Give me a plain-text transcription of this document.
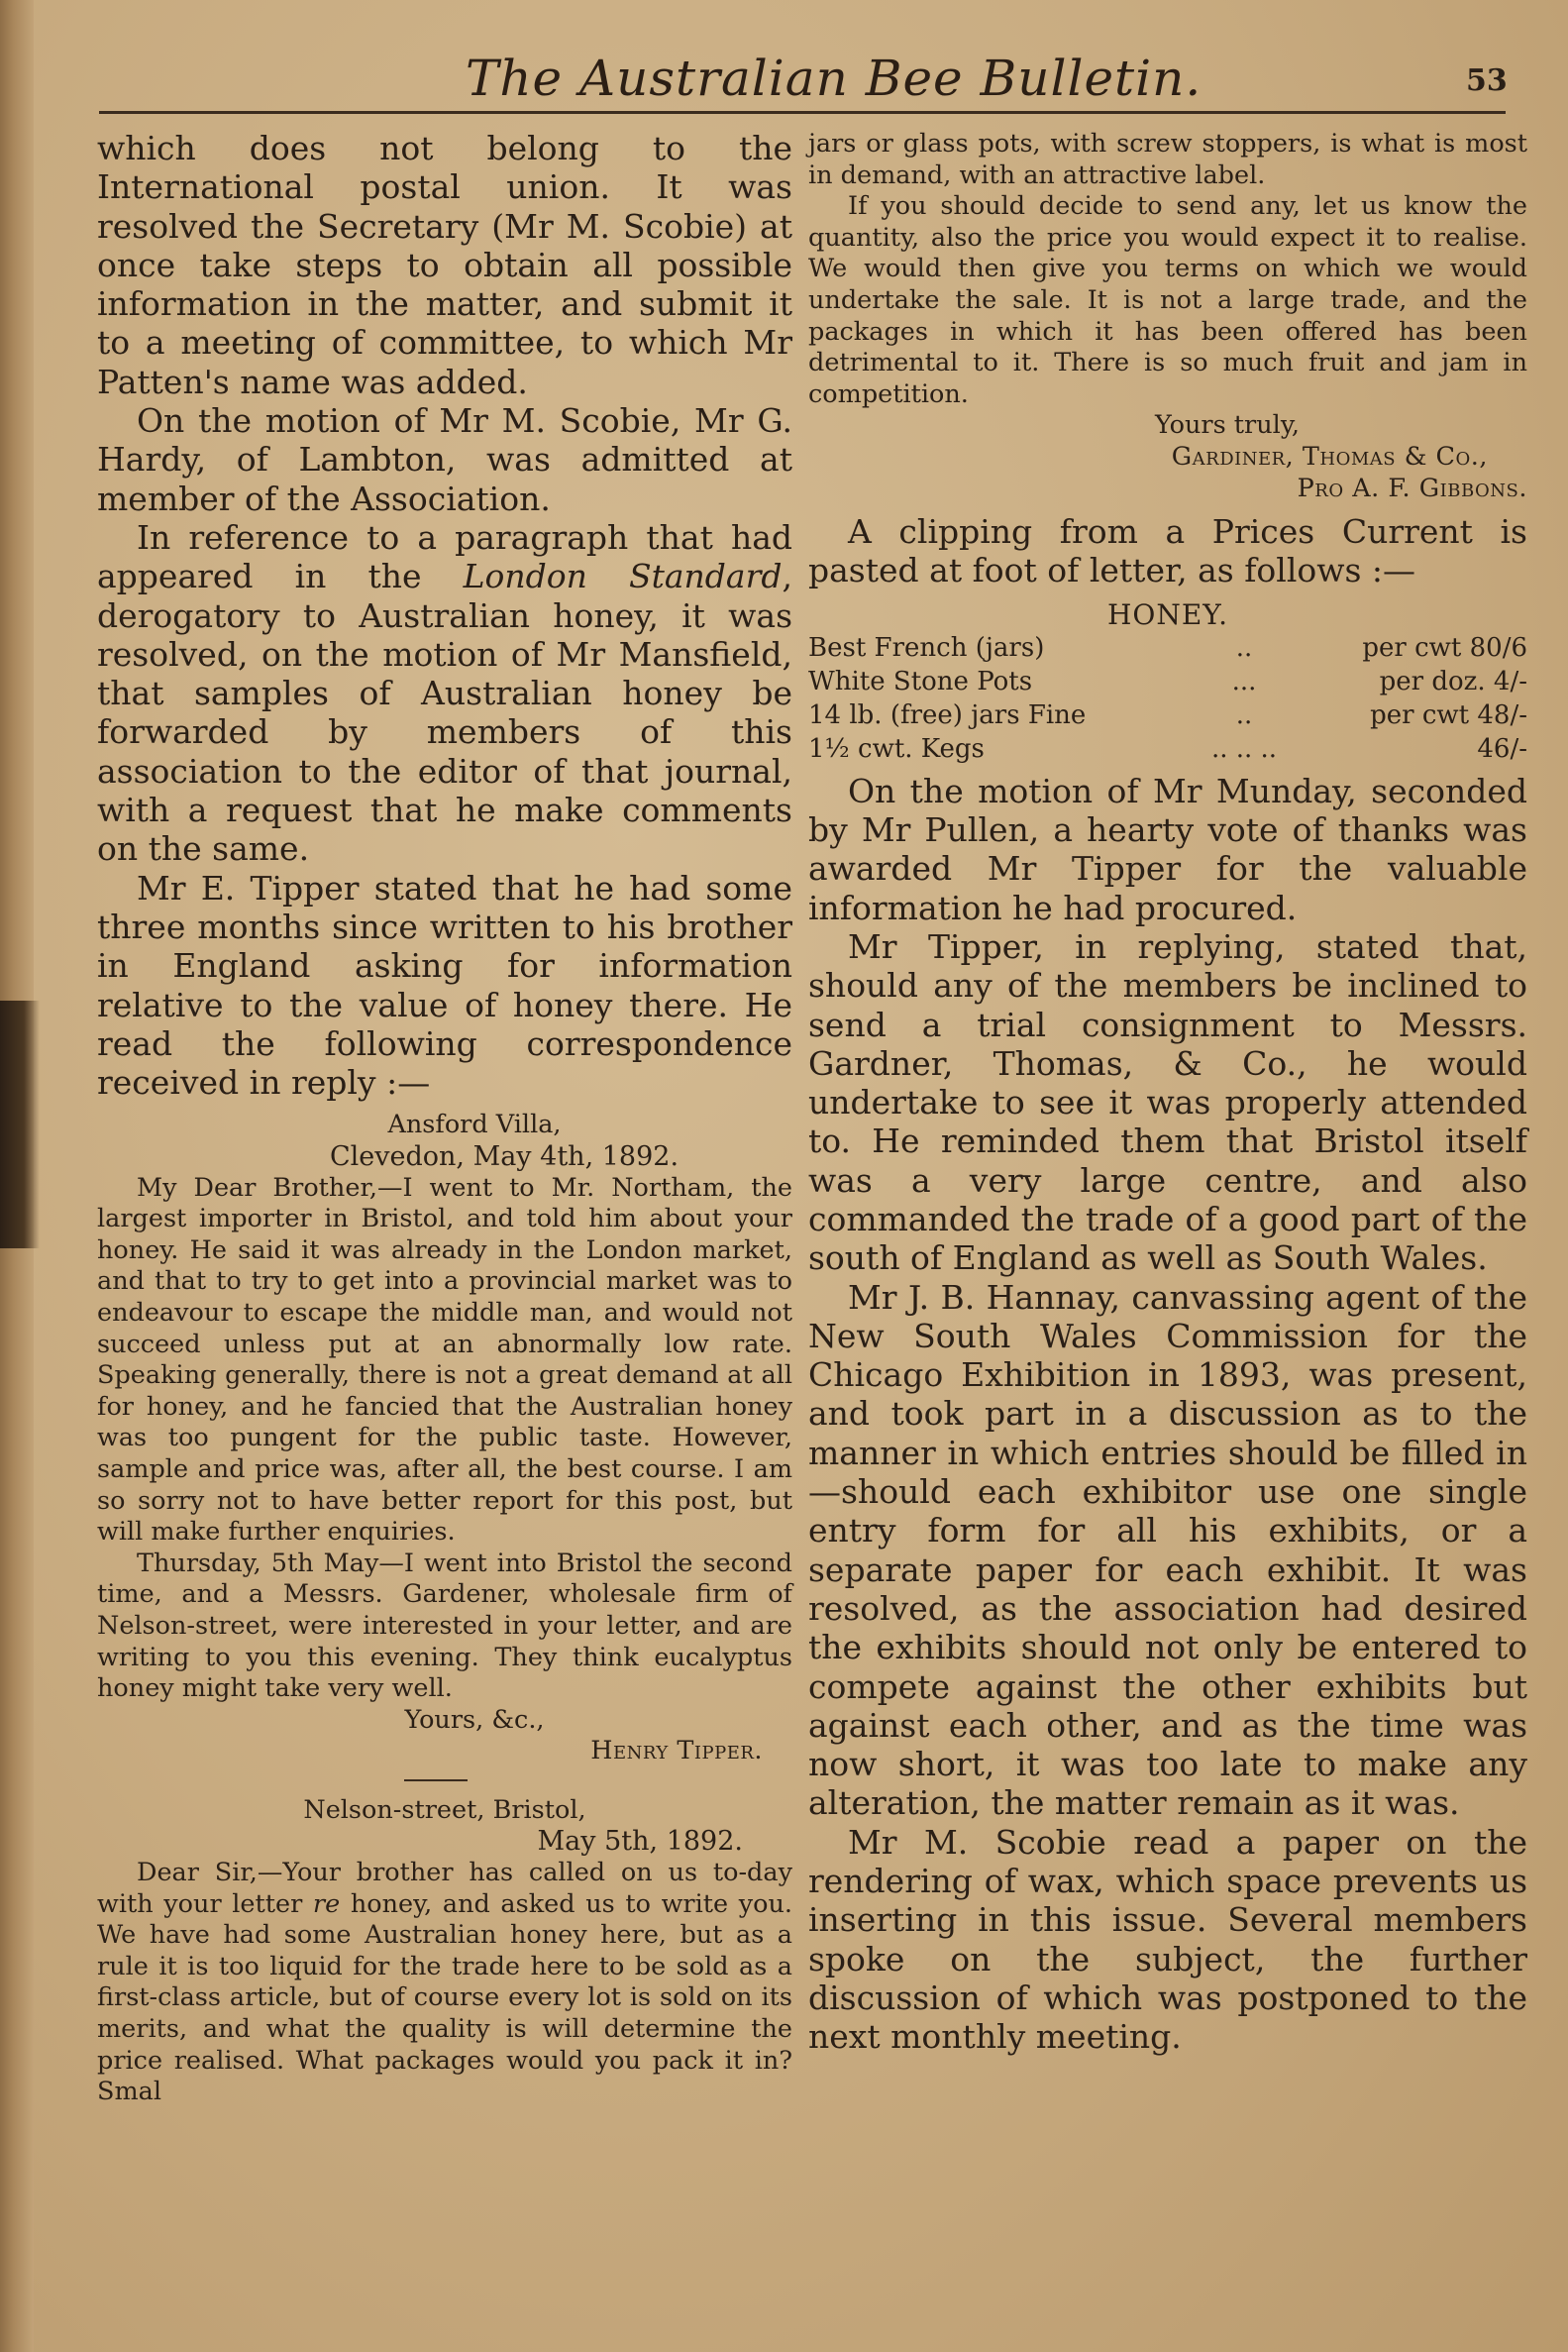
The Australian Bee Bulletin.	53

which does not belong to the International postal union. It was resolved the Secretary (Mr M. Scobie) at once take steps to obtain all possible information in the matter, and submit it to a meeting of committee, to which Mr Patten's name was added.

On the motion of Mr M. Scobie, Mr G. Hardy, of Lambton, was admitted at member of the Association.

In reference to a paragraph that had appeared in the London Standard, derogatory to Australian honey, it was resolved, on the motion of Mr Mansfield, that samples of Australian honey be forwarded by members of this association to the editor of that journal, with a request that he make comments on the same.

Mr E. Tipper stated that he had some three months since written to his brother in England asking for information relative to the value of honey there. He read the following correspondence received in reply :—

Ansford Villa,

Clevedon, May 4th, 1892.

My Dear Brother,—I went to Mr. Northam, the largest importer in Bristol, and told him about your honey. He said it was already in the London market, and that to try to get into a provincial market was to endeavour to escape the middle man, and would not succeed unless put at an abnormally low rate. Speaking generally, there is not a great demand at all for honey, and he fancied that the Australian honey was too pungent for the public taste. However, sample and price was, after all, the best course. I am so sorry not to have better report for this post, but will make further enquiries.

Thursday, 5th May—I went into Bristol the second time, and a Messrs. Gardener, wholesale firm of Nelson-street, were interested in your letter, and are writing to you this evening. They think eucalyptus honey might take very well.

Yours, &c.,

Henry Tipper.

Nelson-street, Bristol,

May 5th, 1892.

Dear Sir,—Your brother has called on us to-day with your letter re honey, and asked us to write you. We have had some Australian honey here, but as a rule it is too liquid for the trade here to be sold as a first-class article, but of course every lot is sold on its merits, and what the quality is will determine the price realised. What packages would you pack it in? Smal

jars or glass pots, with screw stoppers, is what is most in demand, with an attractive label.

If you should decide to send any, let us know the quantity, also the price you would expect it to realise. We would then give you terms on which we would undertake the sale. It is not a large trade, and the packages in which it has been offered has been detrimental to it. There is so much fruit and jam in competition.

Yours truly,

Gardiner, Thomas & Co.,

Pro A. F. Gibbons.

A clipping from a Prices Current is pasted at foot of letter, as follows :—

HONEY.
Best French (jars)	..	per cwt 80/6
White Stone Pots	...	per doz. 4/-
14 lb. (free) jars Fine	..	per cwt 48/-
1½ cwt. Kegs	.. .. ..	46/-

On the motion of Mr Munday, seconded by Mr Pullen, a hearty vote of thanks was awarded Mr Tipper for the valuable information he had procured.

Mr Tipper, in replying, stated that, should any of the members be inclined to send a trial consignment to Messrs. Gardner, Thomas, & Co., he would undertake to see it was properly attended to. He reminded them that Bristol itself was a very large centre, and also commanded the trade of a good part of the south of England as well as South Wales.

Mr J. B. Hannay, canvassing agent of the New South Wales Commission for the Chicago Exhibition in 1893, was present, and took part in a discussion as to the manner in which entries should be filled in—should each exhibitor use one single entry form for all his exhibits, or a separate paper for each exhibit. It was resolved, as the association had desired the exhibits should not only be entered to compete against the other exhibits but against each other, and as the time was now short, it was too late to make any alteration, the matter remain as it was.

Mr M. Scobie read a paper on the rendering of wax, which space prevents us inserting in this issue. Several members spoke on the subject, the further discussion of which was postponed to the next monthly meeting.
